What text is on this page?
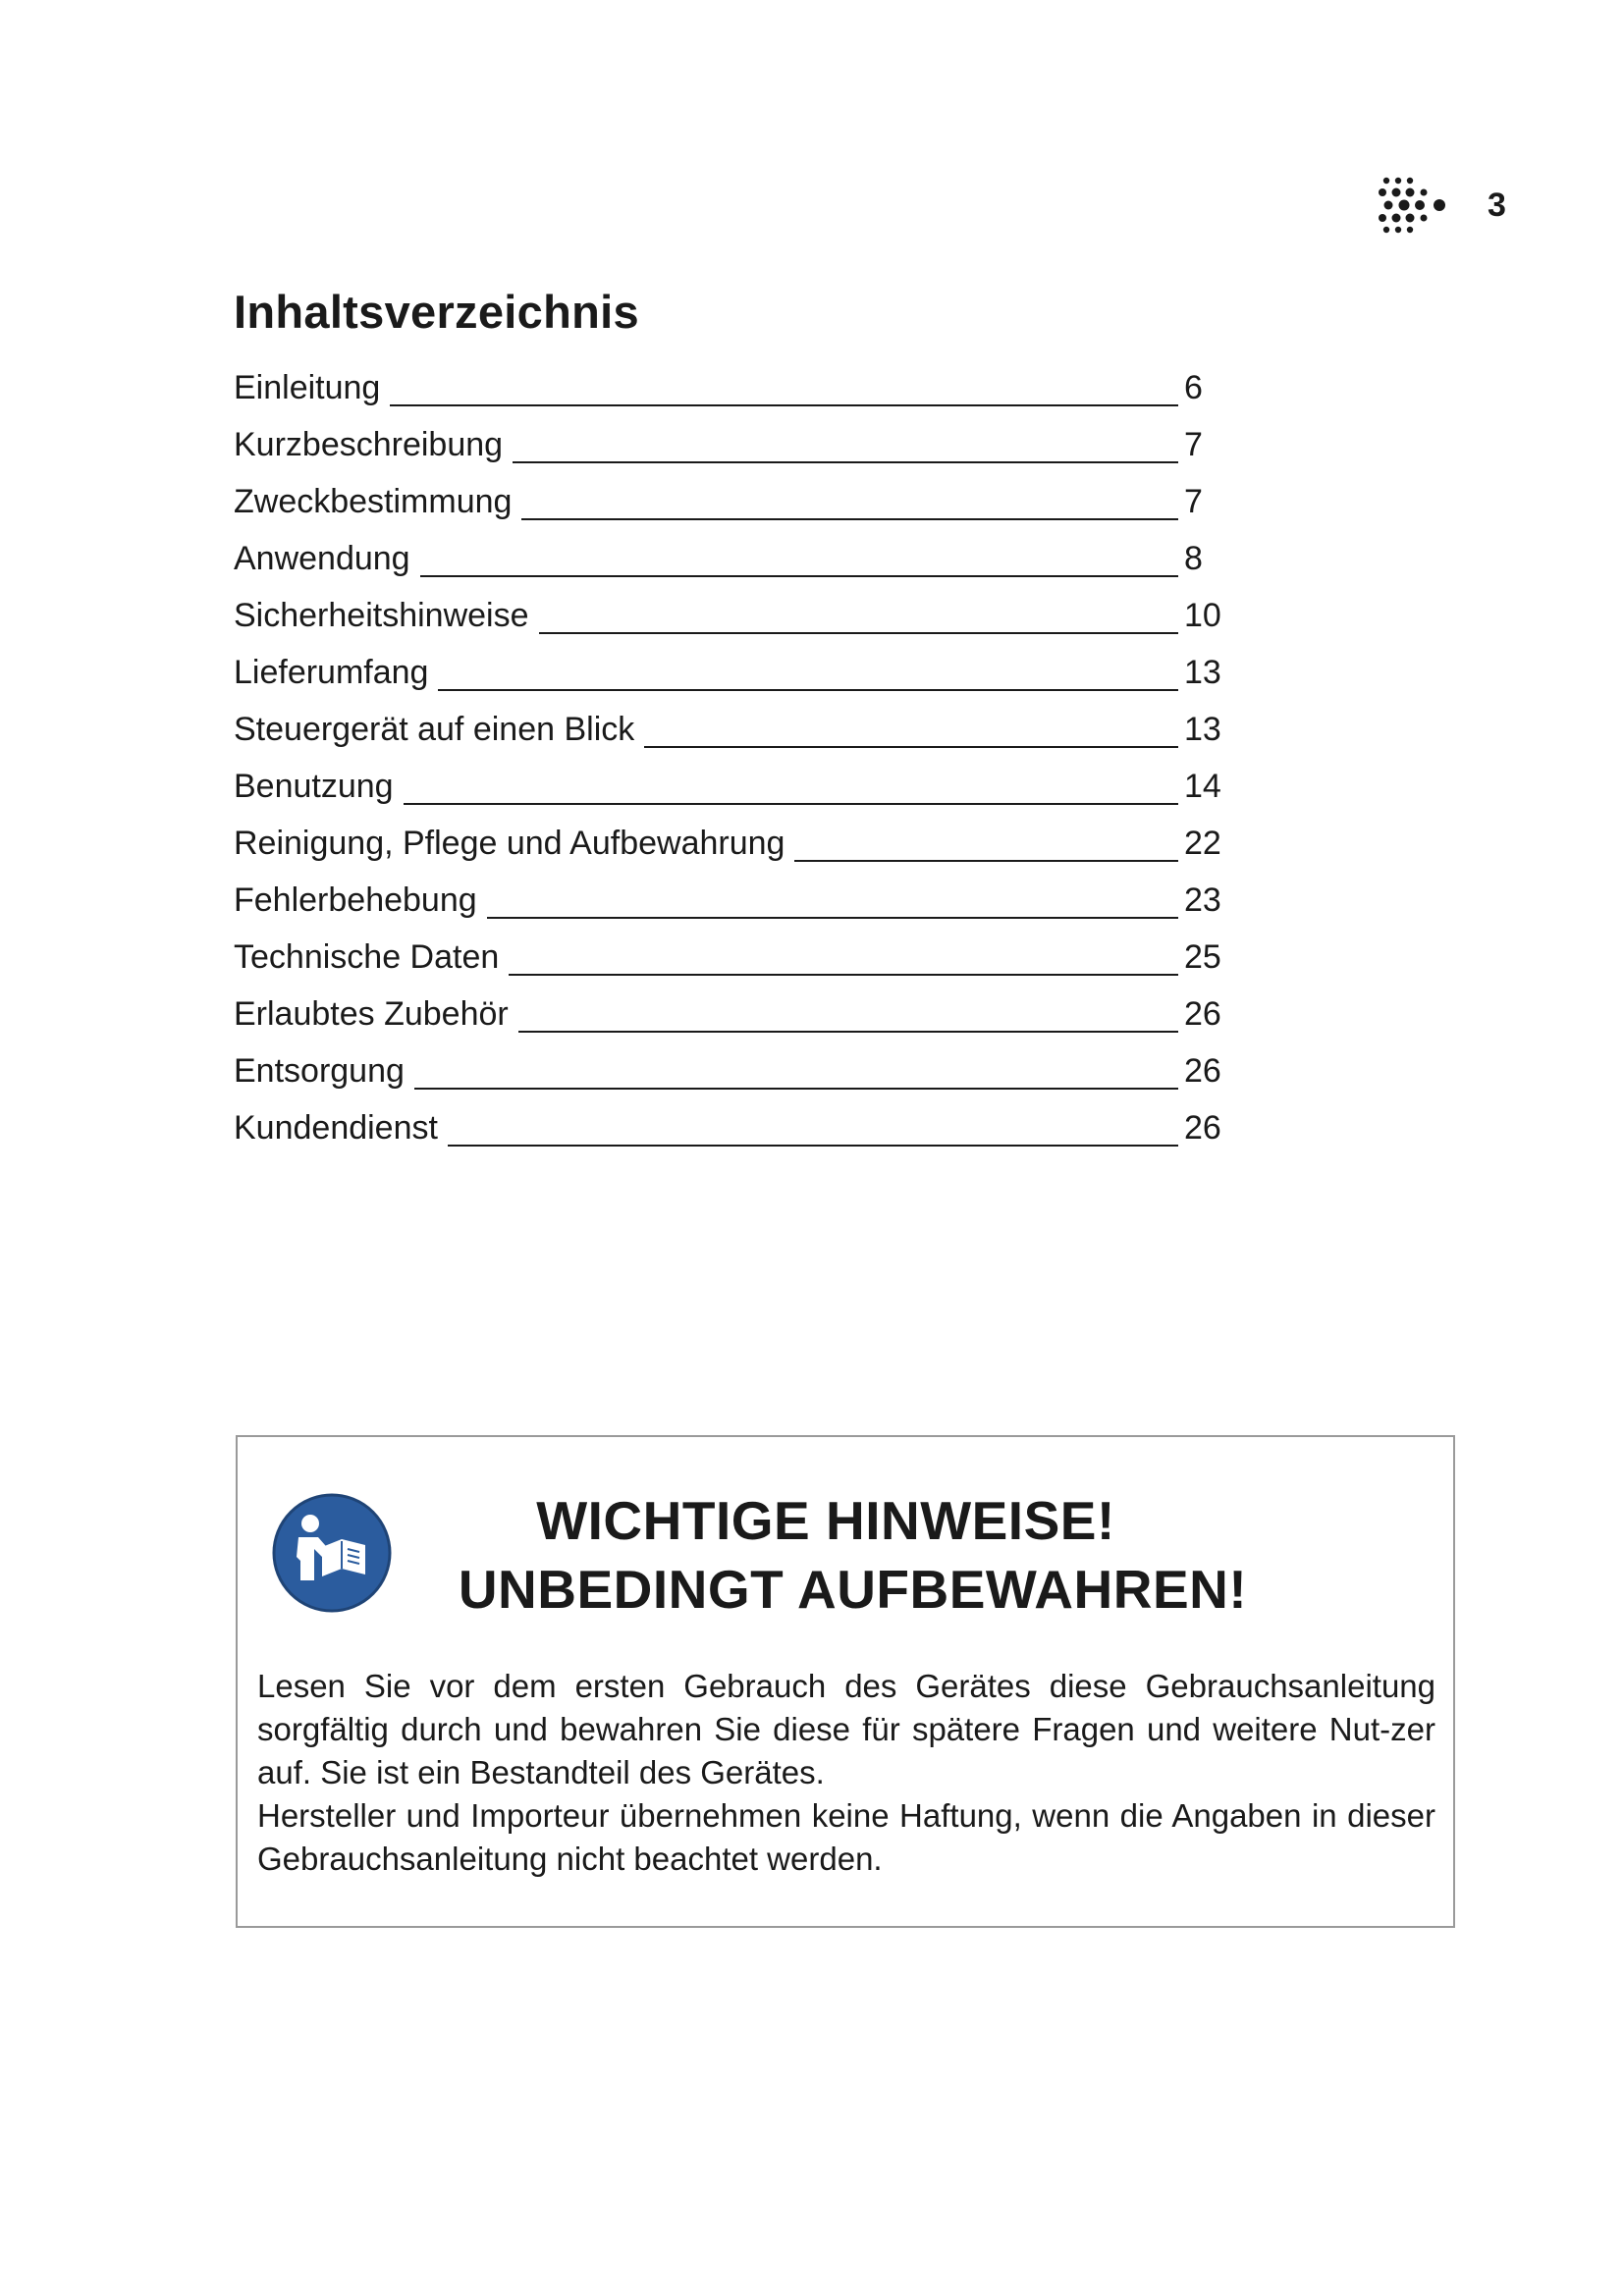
3
Inhaltsverzeichnis
Einleitung	6
Kurzbeschreibung	7
Zweckbestimmung	7
Anwendung	8
Sicherheitshinweise	10
Lieferumfang	13
Steuergerät auf einen Blick	13
Benutzung	14
Reinigung, Pflege und Aufbewahrung	22
Fehlerbehebung	23
Technische Daten	25
Erlaubtes Zubehör	26
Entsorgung	26
Kundendienst	26
WICHTIGE HINWEISE!
UNBEDINGT AUFBEWAHREN!

Lesen Sie vor dem ersten Gebrauch des Gerätes diese Gebrauchsanleitung sorgfältig durch und bewahren Sie diese für spätere Fragen und weitere Nut-zer auf. Sie ist ein Bestandteil des Gerätes.

Hersteller und Importeur übernehmen keine Haftung, wenn die Angaben in dieser Gebrauchsanleitung nicht beachtet werden.
